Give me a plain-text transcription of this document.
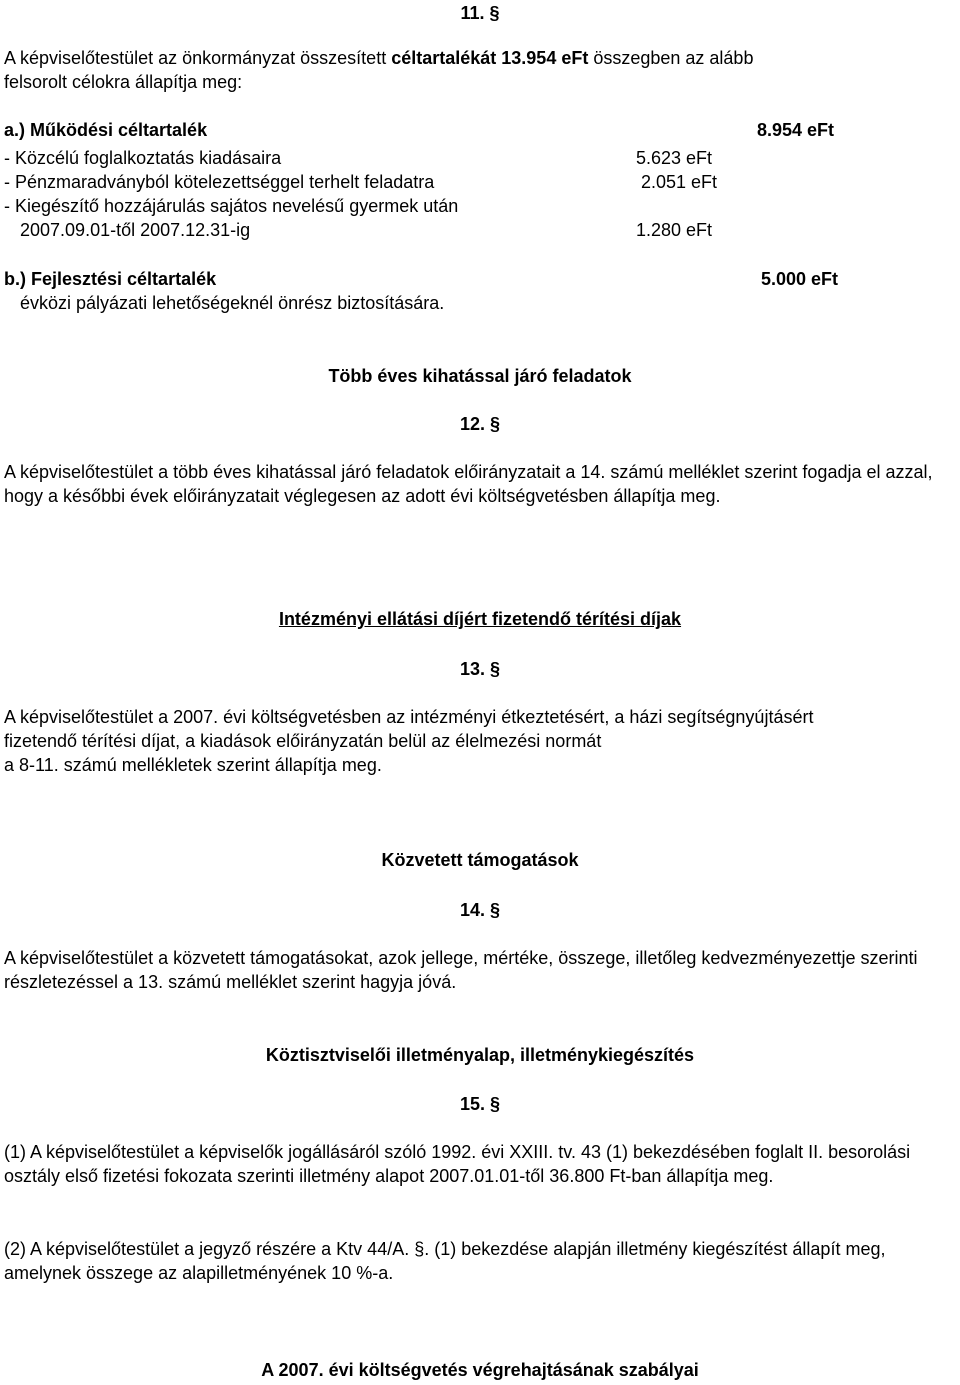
11. §
A képviselőtestület az önkormányzat összesített céltartalékát 13.954 eFt összegben az alább
felsorolt célokra állapítja meg:
a.) Működési céltartalék	8.954 eFt
- Közcélú foglalkoztatás kiadásaira	5.623 eFt
- Pénzmaradványból kötelezettséggel terhelt feladatra	2.051 eFt
- Kiegészítő hozzájárulás sajátos nevelésű gyermek után
2007.09.01-től 2007.12.31-ig	1.280 eFt
b.) Fejlesztési céltartalék	5.000 eFt
évközi pályázati lehetőségeknél önrész biztosítására.
Több éves kihatással járó feladatok
12. §
A képviselőtestület a több éves kihatással járó feladatok előirányzatait a 14. számú melléklet szerint fogadja el azzal, hogy a későbbi évek előirányzatait véglegesen az adott évi költségvetésben állapítja meg.
Intézményi ellátási díjért fizetendő térítési díjak
13. §
A képviselőtestület a 2007. évi költségvetésben az intézményi étkeztetésért, a házi segítségnyújtásért
fizetendő térítési díjat, a kiadások előirányzatán belül az élelmezési normát
a 8-11. számú mellékletek szerint állapítja meg.
Közvetett támogatások
14. §
A képviselőtestület a közvetett támogatásokat, azok jellege, mértéke, összege, illetőleg kedvezményezettje szerinti részletezéssel a 13. számú melléklet szerint hagyja jóvá.
Köztisztviselői illetményalap, illetménykiegészítés
15. §
(1) A képviselőtestület a képviselők jogállásáról szóló 1992. évi XXIII. tv. 43 (1) bekezdésében foglalt II. besorolási osztály első fizetési fokozata szerinti illetmény alapot 2007.01.01-től 36.800 Ft-ban állapítja meg.
(2) A képviselőtestület a jegyző részére a Ktv 44/A. §. (1) bekezdése alapján illetmény kiegészítést állapít meg, amelynek összege az alapilletményének 10 %-a.
A 2007. évi költségvetés végrehajtásának szabályai
